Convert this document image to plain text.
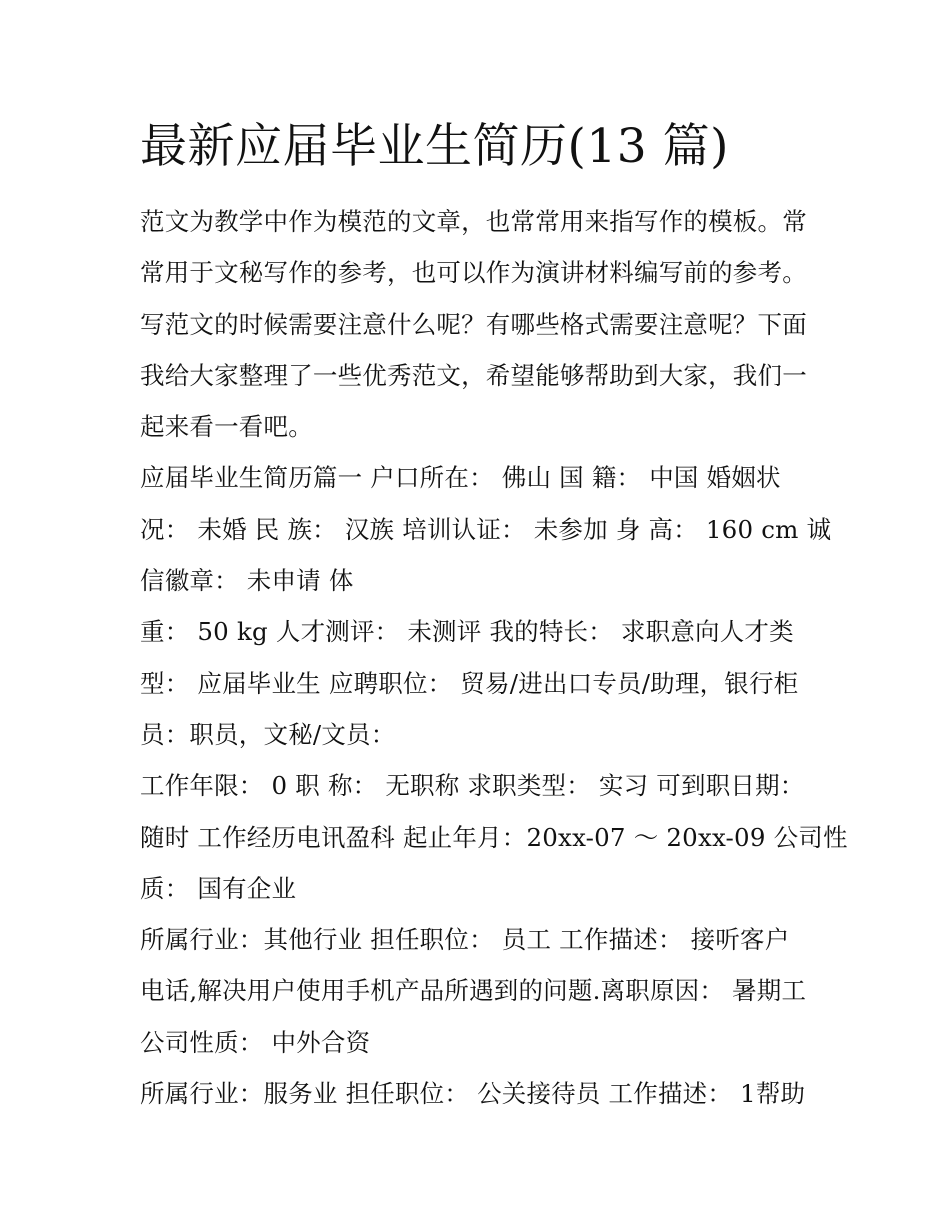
最新应届毕业生简历(13 篇)
范文为教学中作为模范的文章，也常常用来指写作的模板。常
常用于文秘写作的参考，也可以作为演讲材料编写前的参考。
写范文的时候需要注意什么呢？有哪些格式需要注意呢？下面
我给大家整理了一些优秀范文，希望能够帮助到大家，我们一
起来看一看吧。
应届毕业生简历篇一 户口所在： 佛山 国 籍： 中国 婚姻状
况： 未婚 民 族： 汉族 培训认证： 未参加 身 高： 160 cm 诚
信徽章： 未申请 体
重： 50 kg 人才测评： 未测评 我的特长： 求职意向人才类
型： 应届毕业生 应聘职位： 贸易/进出口专员/助理，银行柜
员：职员，文秘/文员：
工作年限： 0 职 称： 无职称 求职类型： 实习 可到职日期：
随时 工作经历电讯盈科 起止年月：20xx-07 ～ 20xx-09 公司性
质： 国有企业
所属行业：其他行业 担任职位： 员工 工作描述： 接听客户
电话,解决用户使用手机产品所遇到的问题.离职原因： 暑期工
公司性质： 中外合资
所属行业：服务业 担任职位： 公关接待员 工作描述： 1帮助
